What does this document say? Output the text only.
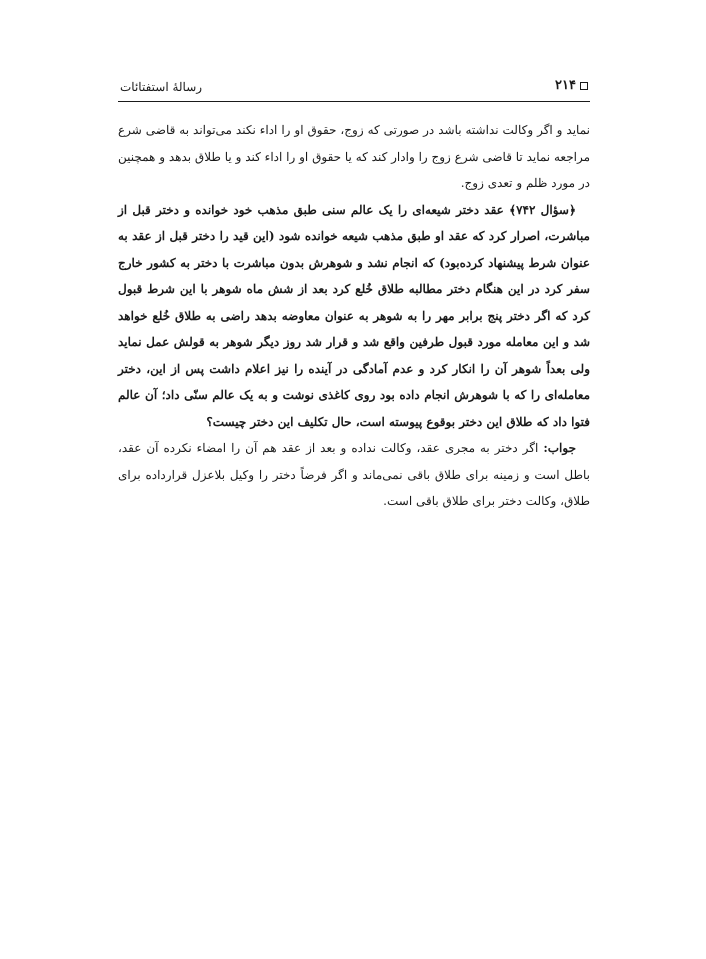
رسالهٔ استفتائات	۲۱۴

نماید و اگر وکالت نداشته باشد در صورتی که زوج، حقوق او را اداء نکند می‌تواند به قاضی شرع مراجعه نماید تا قاضی شرع زوج را وادار کند که یا حقوق او را اداء کند و یا طلاق بدهد و همچنین در مورد ظلم و تعدی زوج.

﴿سؤال ۷۴۲﴾ عقد دختر شیعه‌ای را یک عالم سنی طبق مذهب خود خوانده و دختر قبل از مباشرت، اصرار کرد که عقد او طبق مذهب شیعه خوانده شود (این قید را دختر قبل از عقد به عنوان شرط پیشنهاد کرده‌بود) که انجام نشد و شوهرش بدون مباشرت با دختر به کشور خارج سفر کرد در این هنگام دختر مطالبه طلاق خُلع کرد بعد از شش ماه شوهر با این شرط قبول کرد که اگر دختر پنج برابر مهر را به شوهر به عنوان معاوضه بدهد راضی به طلاق خُلع خواهد شد و این معامله مورد قبول طرفین واقع شد و قرار شد روز دیگر شوهر به قولش عمل نماید ولی بعداً شوهر آن را انکار کرد و عدم آمادگی در آینده را نیز اعلام داشت پس از این، دختر معامله‌ای را که با شوهرش انجام داده بود روی کاغذی نوشت و به یک عالم سنّی داد؛ آن عالم فتوا داد که طلاق این دختر بوقوع پیوسته است، حال تکلیف این دختر چیست؟

جواب: اگر دختر به مجری عقد، وکالت نداده و بعد از عقد هم آن را امضاء نکرده آن عقد، باطل است و زمینه برای طلاق باقی نمی‌ماند و اگر فرضاً دختر را وکیل بلاعزل قرارداده برای طلاق، وکالت دختر برای طلاق باقی است.
